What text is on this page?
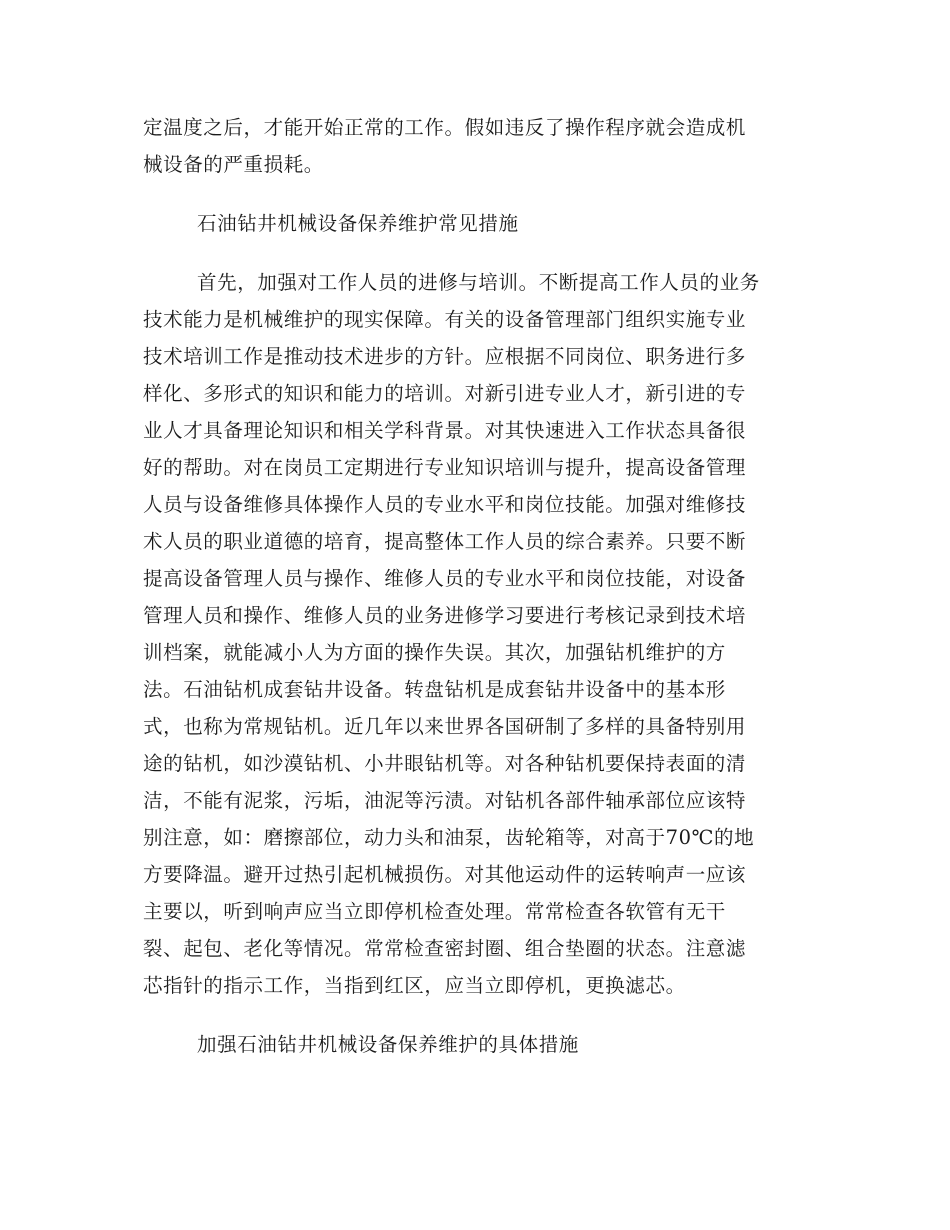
定温度之后，才能开始正常的工作。假如违反了操作程序就会造成机
械设备的严重损耗。
石油钻井机械设备保养维护常见措施
首先，加强对工作人员的进修与培训。不断提高工作人员的业务
技术能力是机械维护的现实保障。有关的设备管理部门组织实施专业
技术培训工作是推动技术进步的方针。应根据不同岗位、职务进行多
样化、多形式的知识和能力的培训。对新引进专业人才，新引进的专
业人才具备理论知识和相关学科背景。对其快速进入工作状态具备很
好的帮助。对在岗员工定期进行专业知识培训与提升，提高设备管理
人员与设备维修具体操作人员的专业水平和岗位技能。加强对维修技
术人员的职业道德的培育，提高整体工作人员的综合素养。只要不断
提高设备管理人员与操作、维修人员的专业水平和岗位技能，对设备
管理人员和操作、维修人员的业务进修学习要进行考核记录到技术培
训档案，就能减小人为方面的操作失误。其次，加强钻机维护的方
法。石油钻机成套钻井设备。转盘钻机是成套钻井设备中的基本形
式，也称为常规钻机。近几年以来世界各国研制了多样的具备特别用
途的钻机，如沙漠钻机、小井眼钻机等。对各种钻机要保持表面的清
洁，不能有泥浆，污垢，油泥等污渍。对钻机各部件轴承部位应该特
别注意，如：磨擦部位，动力头和油泵，齿轮箱等，对高于70℃的地
方要降温。避开过热引起机械损伤。对其他运动件的运转响声一应该
主要以，听到响声应当立即停机检查处理。常常检查各软管有无干
裂、起包、老化等情况。常常检查密封圈、组合垫圈的状态。注意滤
芯指针的指示工作，当指到红区，应当立即停机，更换滤芯。
加强石油钻井机械设备保养维护的具体措施
